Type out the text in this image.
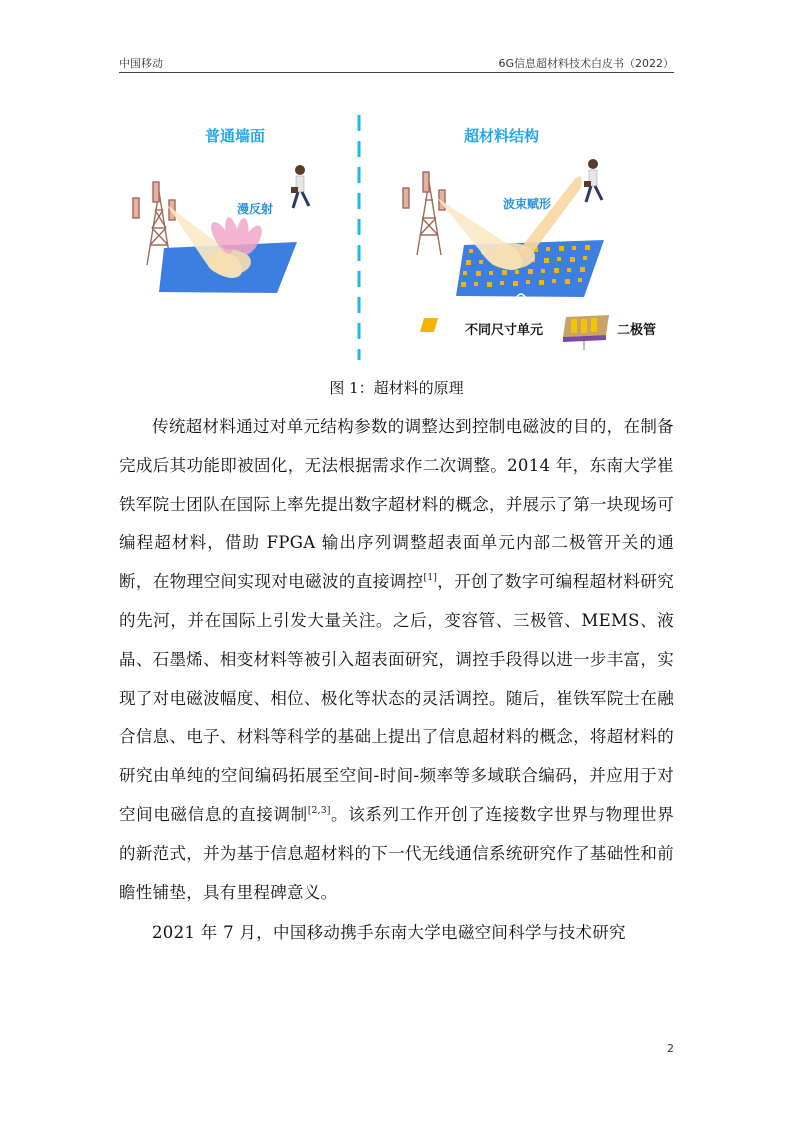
中国移动	6G信息超材料技术白皮书（2022）
普通墙面	超材料结构
漫反射	波束赋形
不同尺寸单元	二极管
图 1：超材料的原理

传统超材料通过对单元结构参数的调整达到控制电磁波的目的，在制备完成后其功能即被固化，无法根据需求作二次调整。2014 年，东南大学崔铁军院士团队在国际上率先提出数字超材料的概念，并展示了第一块现场可编程超材料，借助 FPGA 输出序列调整超表面单元内部二极管开关的通断，在物理空间实现对电磁波的直接调控[1]，开创了数字可编程超材料研究的先河，并在国际上引发大量关注。之后，变容管、三极管、MEMS、液晶、石墨烯、相变材料等被引入超表面研究，调控手段得以进一步丰富，实现了对电磁波幅度、相位、极化等状态的灵活调控。随后，崔铁军院士在融合信息、电子、材料等科学的基础上提出了信息超材料的概念，将超材料的研究由单纯的空间编码拓展至空间-时间-频率等多域联合编码，并应用于对空间电磁信息的直接调制[2,3]。该系列工作开创了连接数字世界与物理世界的新范式，并为基于信息超材料的下一代无线通信系统研究作了基础性和前瞻性铺垫，具有里程碑意义。

2021 年 7 月，中国移动携手东南大学电磁空间科学与技术研究

2
